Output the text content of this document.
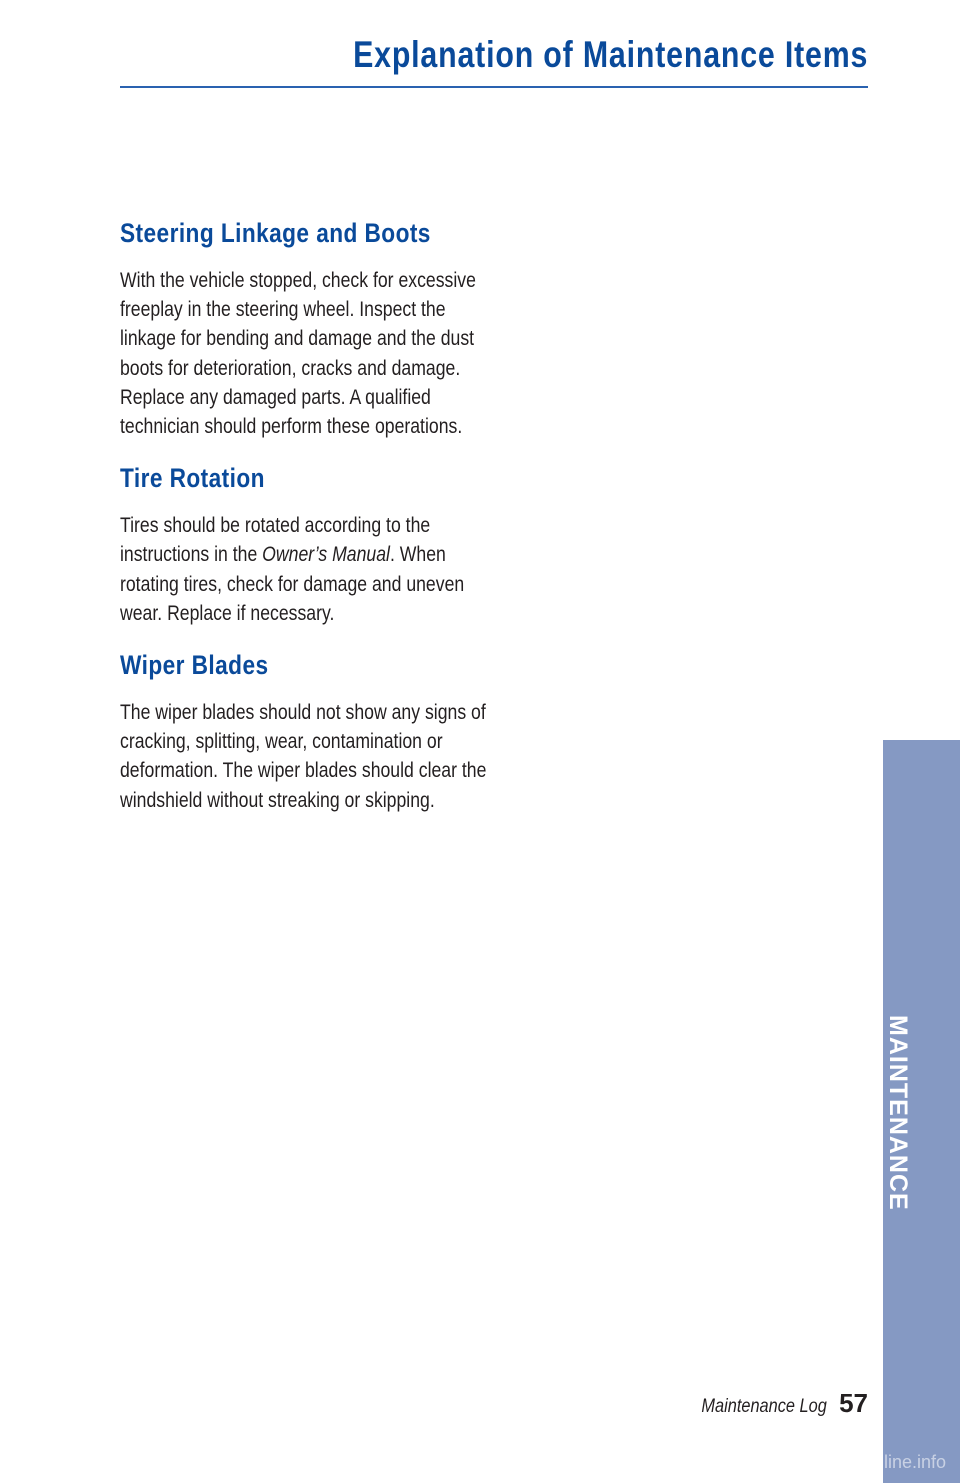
Explanation of Maintenance Items
Steering Linkage and Boots

With the vehicle stopped, check for excessive freeplay in the steering wheel. Inspect the linkage for bending and damage and the dust boots for deterioration, cracks and damage. Replace any damaged parts. A qualified technician should perform these operations.

Tire Rotation

Tires should be rotated according to the instructions in the Owner’s Manual. When rotating tires, check for damage and uneven wear. Replace if necessary.

Wiper Blades

The wiper blades should not show any signs of cracking, splitting, wear, contamination or deformation. The wiper blades should clear the windshield without streaking or skipping.

MAINTENANCE
Maintenance Log 57
carmanualsonline.info
